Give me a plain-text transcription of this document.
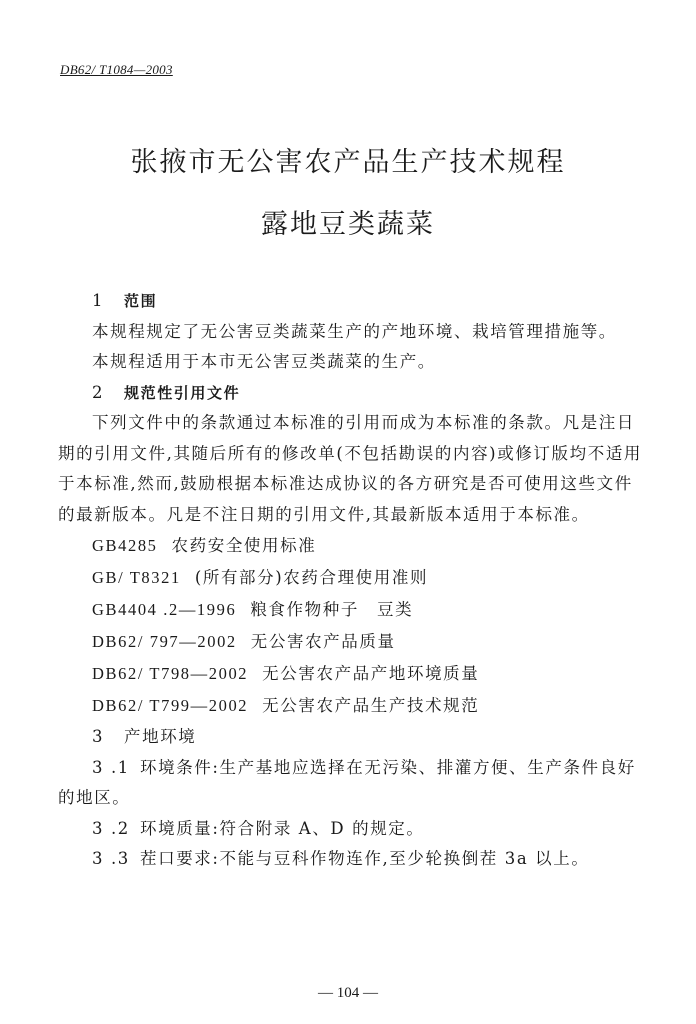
DB62/ T1084—2003
张掖市无公害农产品生产技术规程
露地豆类蔬菜

1 范围

本规程规定了无公害豆类蔬菜生产的产地环境、栽培管理措施等。

本规程适用于本市无公害豆类蔬菜的生产。

2 规范性引用文件

下列文件中的条款通过本标准的引用而成为本标准的条款。凡是注日期的引用文件,其随后所有的修改单(不包括勘误的内容)或修订版均不适用于本标准,然而,鼓励根据本标准达成协议的各方研究是否可使用这些文件的最新版本。凡是不注日期的引用文件,其最新版本适用于本标准。

GB4285 农药安全使用标准

GB/ T8321 (所有部分)农药合理使用准则

GB4404 .2—1996 粮食作物种子　豆类

DB62/ 797—2002 无公害农产品质量

DB62/ T798—2002 无公害农产品产地环境质量

DB62/ T799—2002 无公害农产品生产技术规范

3 产地环境

3 .1 环境条件:生产基地应选择在无污染、排灌方便、生产条件良好的地区。

3 .2 环境质量:符合附录 A、D 的规定。

3 .3 茬口要求:不能与豆科作物连作,至少轮换倒茬 3a 以上。

— 104 —
